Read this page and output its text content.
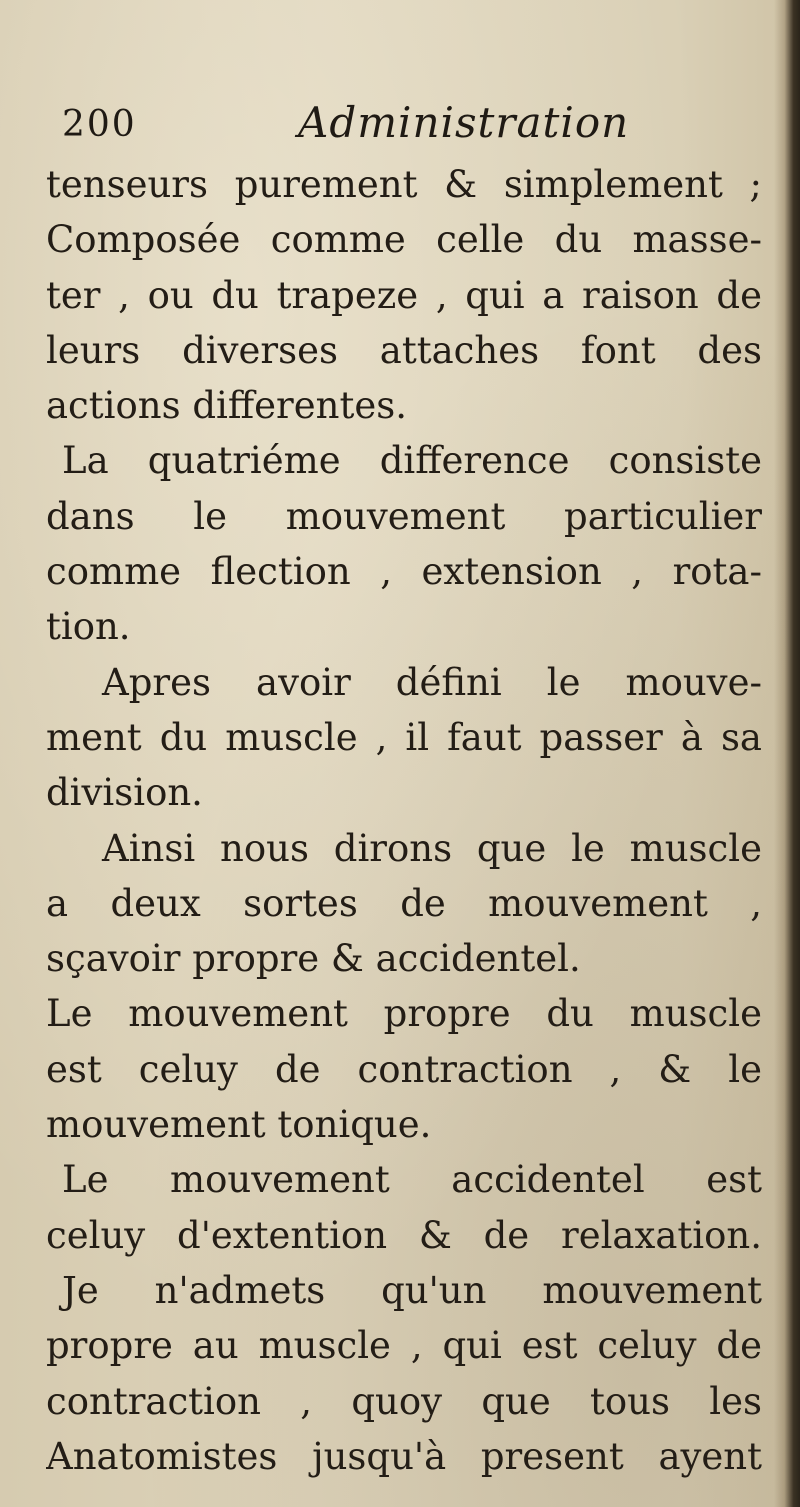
200	Administration
tenseurs purement & simplement ;
Composée comme celle du masse-
ter , ou du trapeze , qui a raison de
leurs diverses attaches font des
actions differentes.
La quatriéme difference consiste
dans le mouvement particulier
comme flection , extension , rota-
tion.
Apres avoir défini le mouve-
ment du muscle , il faut passer à sa
division.
Ainsi nous dirons que le muscle
a deux sortes de mouvement ,
sçavoir propre & accidentel.
Le mouvement propre du muscle
est celuy de contraction , & le
mouvement tonique.
Le mouvement accidentel est
celuy d'extention & de relaxation.
Je n'admets qu'un mouvement
propre au muscle , qui est celuy de
contraction , quoy que tous les
Anatomistes jusqu'à present ayent
